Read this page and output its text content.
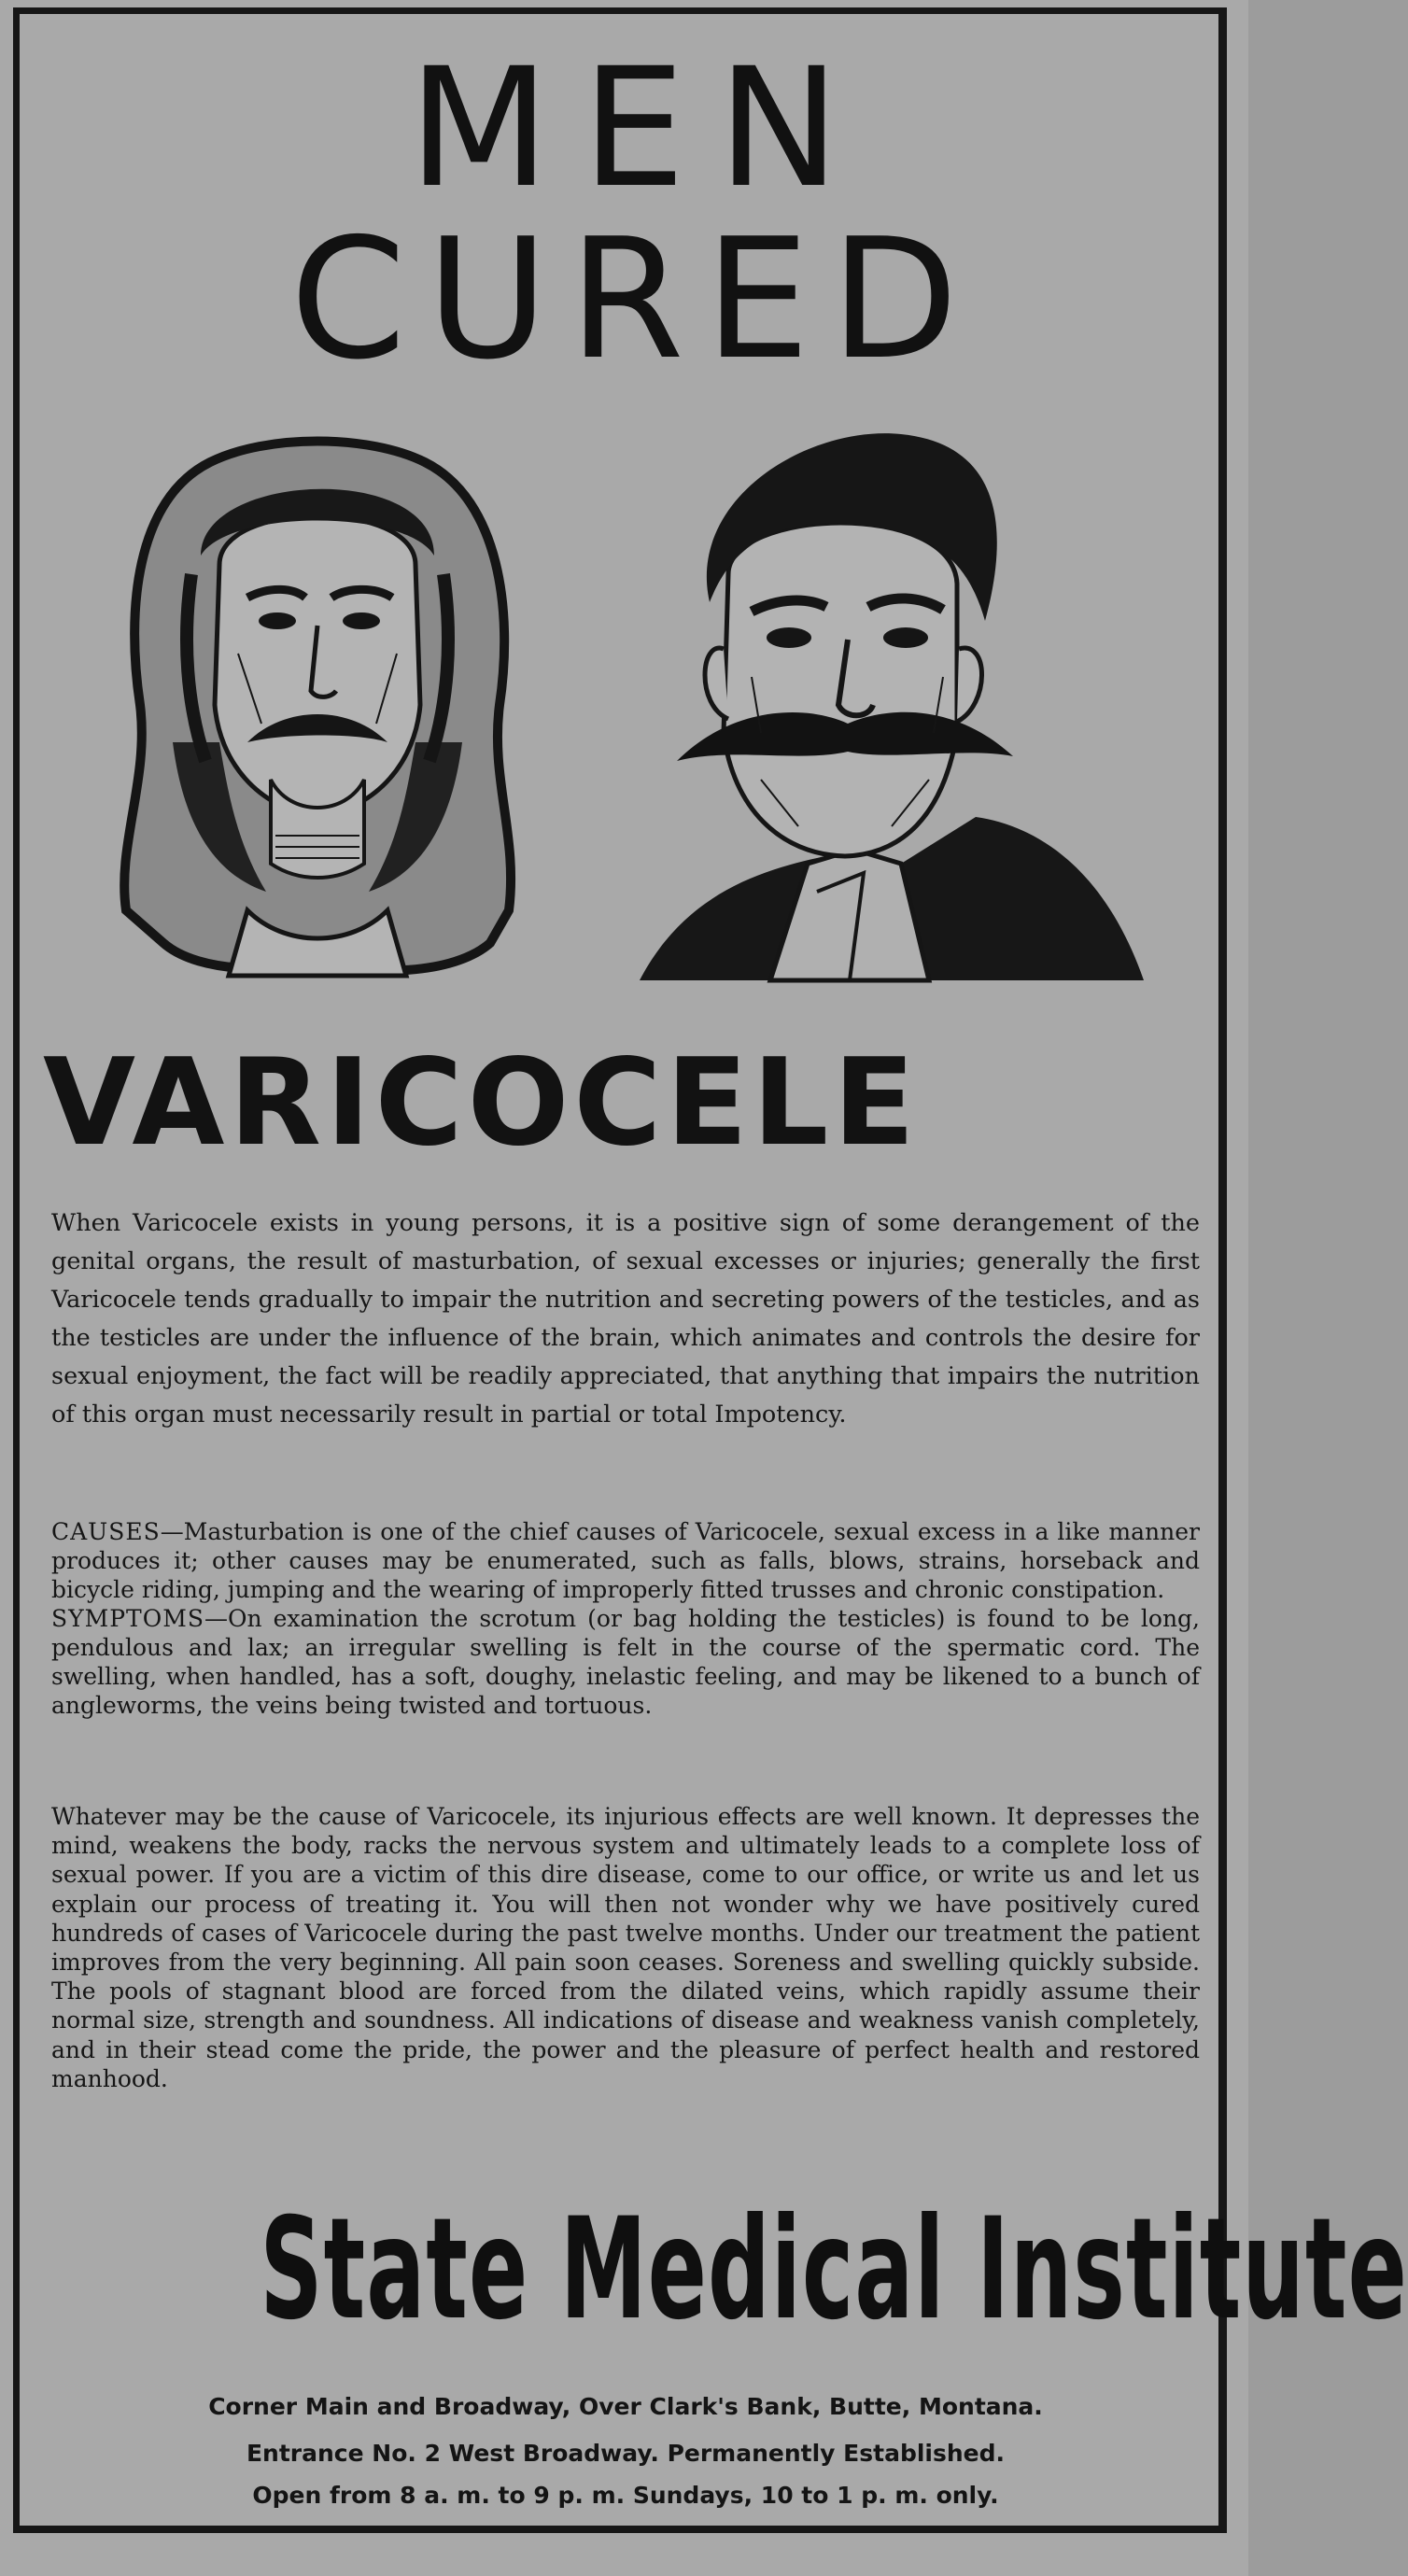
MEN
CURED
VARICOCELE

When Varicocele exists in young persons, it is a positive sign of some derangement of the genital organs, the result of masturbation, of sexual excesses or injuries; generally the first Varicocele tends gradually to impair the nutrition and secreting powers of the testicles, and as the testicles are under the influence of the brain, which animates and controls the desire for sexual enjoyment, the fact will be readily appreciated, that anything that impairs the nutrition of this organ must necessarily result in partial or total Impotency.

CAUSES—Masturbation is one of the chief causes of Varicocele, sexual excess in a like manner produces it; other causes may be enumerated, such as falls, blows, strains, horseback and bicycle riding, jumping and the wearing of improperly fitted trusses and chronic constipation.
SYMPTOMS—On examination the scrotum (or bag holding the testicles) is found to be long, pendulous and lax; an irregular swelling is felt in the course of the spermatic cord. The swelling, when handled, has a soft, doughy, inelastic feeling, and may be likened to a bunch of angleworms, the veins being twisted and tortuous.

Whatever may be the cause of Varicocele, its injurious effects are well known. It depresses the mind, weakens the body, racks the nervous system and ultimately leads to a complete loss of sexual power. If you are a victim of this dire disease, come to our office, or write us and let us explain our process of treating it. You will then not wonder why we have positively cured hundreds of cases of Varicocele during the past twelve months. Under our treatment the patient improves from the very beginning. All pain soon ceases. Soreness and swelling quickly subside. The pools of stagnant blood are forced from the dilated veins, which rapidly assume their normal size, strength and soundness. All indications of disease and weakness vanish completely, and in their stead come the pride, the power and the pleasure of perfect health and restored manhood.

State Medical Institute

Corner Main and Broadway, Over Clark's Bank, Butte, Montana.

Entrance No. 2 West Broadway. Permanently Established.

Open from 8 a. m. to 9 p. m. Sundays, 10 to 1 p. m. only.
